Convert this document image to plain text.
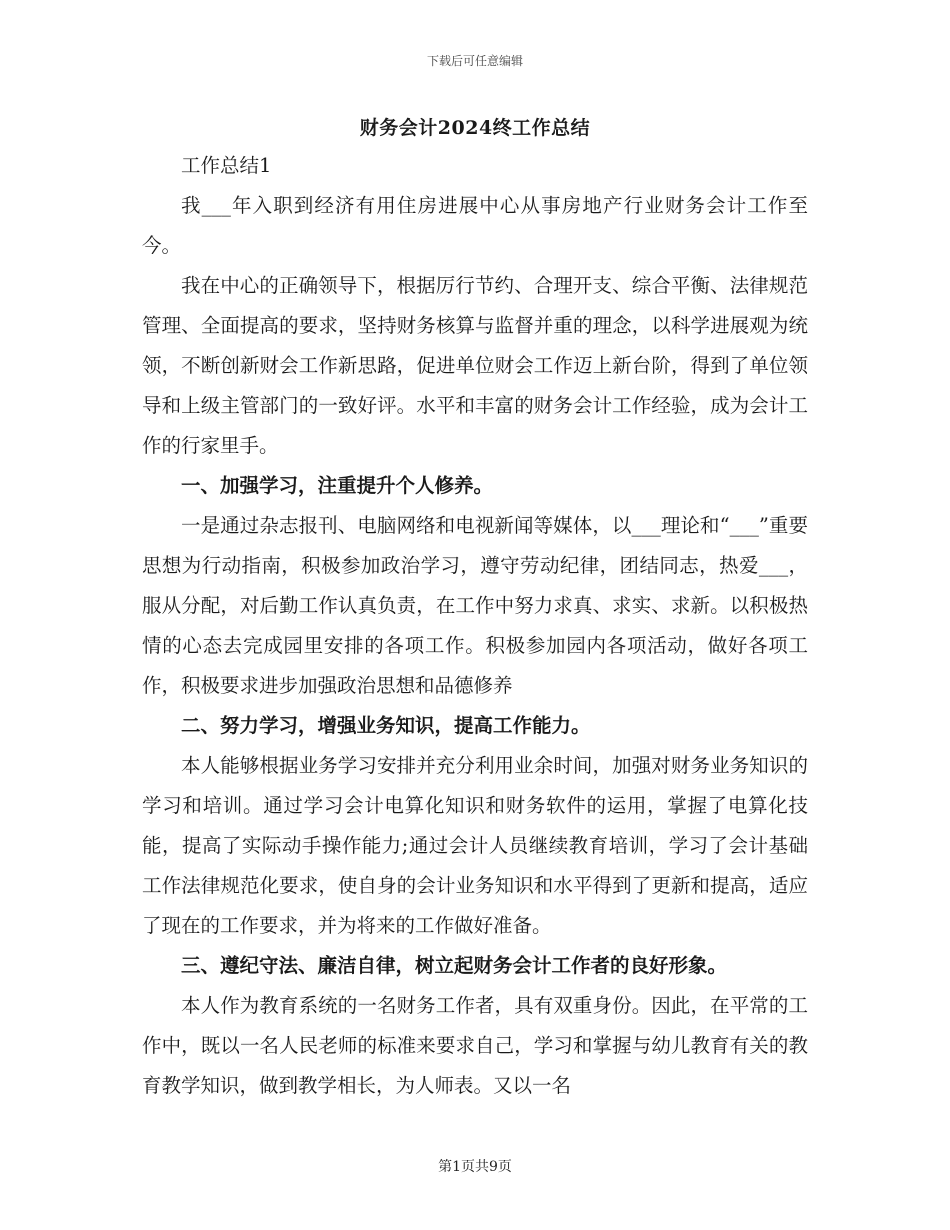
下载后可任意编辑
财务会计2024终工作总结

工作总结1

我___年入职到经济有用住房进展中心从事房地产行业财务会计工作至今。

我在中心的正确领导下，根据厉行节约、合理开支、综合平衡、法律规范管理、全面提高的要求，坚持财务核算与监督并重的理念，以科学进展观为统领，不断创新财会工作新思路，促进单位财会工作迈上新台阶，得到了单位领导和上级主管部门的一致好评。水平和丰富的财务会计工作经验，成为会计工作的行家里手。

一、加强学习，注重提升个人修养。

一是通过杂志报刊、电脑网络和电视新闻等媒体，以___理论和“___”重要思想为行动指南，积极参加政治学习，遵守劳动纪律，团结同志，热爱___，服从分配，对后勤工作认真负责，在工作中努力求真、求实、求新。以积极热情的心态去完成园里安排的各项工作。积极参加园内各项活动，做好各项工作，积极要求进步加强政治思想和品德修养

二、努力学习，增强业务知识，提高工作能力。

本人能够根据业务学习安排并充分利用业余时间，加强对财务业务知识的学习和培训。通过学习会计电算化知识和财务软件的运用，掌握了电算化技能，提高了实际动手操作能力;通过会计人员继续教育培训，学习了会计基础工作法律规范化要求，使自身的会计业务知识和水平得到了更新和提高，适应了现在的工作要求，并为将来的工作做好准备。

三、遵纪守法、廉洁自律，树立起财务会计工作者的良好形象。

本人作为教育系统的一名财务工作者，具有双重身份。因此，在平常的工作中，既以一名人民老师的标准来要求自己，学习和掌握与幼儿教育有关的教育教学知识，做到教学相长，为人师表。又以一名

第1页共9页
